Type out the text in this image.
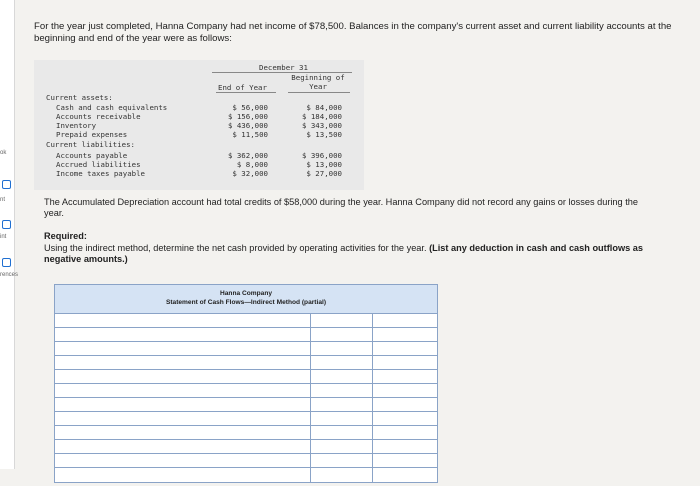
ok
nt
int
rences
For the year just completed, Hanna Company had net income of $78,500. Balances in the company's current asset and current liability accounts at the beginning and end of the year were as follows:
December 31
Beginning of
End of Year	Year
Current assets:
Cash and cash equivalents	$ 56,000	$ 84,000
Accounts receivable	$ 156,000	$ 184,000
Inventory	$ 436,000	$ 343,000
Prepaid expenses	$ 11,500	$ 13,500
Current liabilities:
Accounts payable	$ 362,000	$ 396,000
Accrued liabilities	$ 8,000	$ 13,000
Income taxes payable	$ 32,000	$ 27,000
The Accumulated Depreciation account had total credits of $58,000 during the year. Hanna Company did not record any gains or losses during the year.
Required:
Using the indirect method, determine the net cash provided by operating activities for the year. (List any deduction in cash and cash outflows as negative amounts.)
Hanna Company
Statement of Cash Flows—Indirect Method (partial)
